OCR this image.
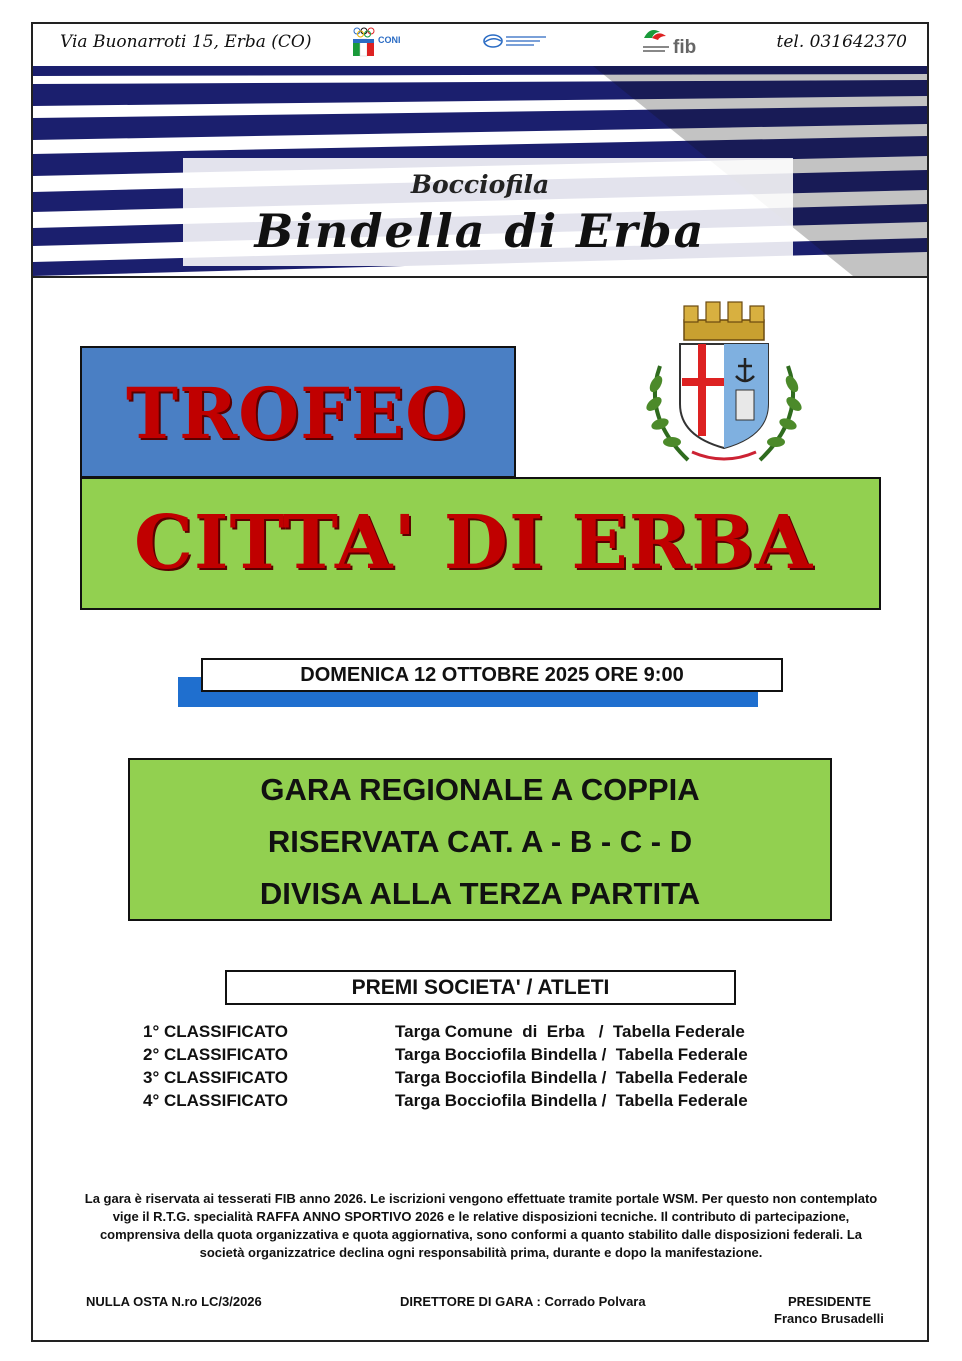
Via Buonarroti 15, Erba (CO)	CONI	fib	tel. 031642370
Bocciofila
Bindella di Erba
TROFEO
CITTA' DI ERBA
DOMENICA 12 OTTOBRE 2025 ORE 9:00
GARA REGIONALE A COPPIA
RISERVATA CAT. A - B - C - D
DIVISA ALLA TERZA PARTITA
PREMI SOCIETA' / ATLETI
1° CLASSIFICATO	Targa Comune  di  Erba   /  Tabella Federale
2° CLASSIFICATO	Targa Bocciofila Bindella /  Tabella Federale
3° CLASSIFICATO	Targa Bocciofila Bindella /  Tabella Federale
4° CLASSIFICATO	Targa Bocciofila Bindella /  Tabella Federale
La gara è riservata ai tesserati FIB anno 2026. Le iscrizioni vengono effettuate tramite portale WSM. Per questo non contemplato
vige il R.T.G. specialità RAFFA ANNO SPORTIVO 2026 e le relative disposizioni tecniche. Il contributo di partecipazione,
comprensiva della quota organizzativa e quota aggiornativa, sono conformi a quanto stabilito dalle disposizioni federali. La
società organizzatrice declina ogni responsabilità prima, durante e dopo la manifestazione.
NULLA OSTA N.ro LC/3/2026	DIRETTORE DI GARA : Corrado Polvara	PRESIDENTE
Franco Brusadelli
